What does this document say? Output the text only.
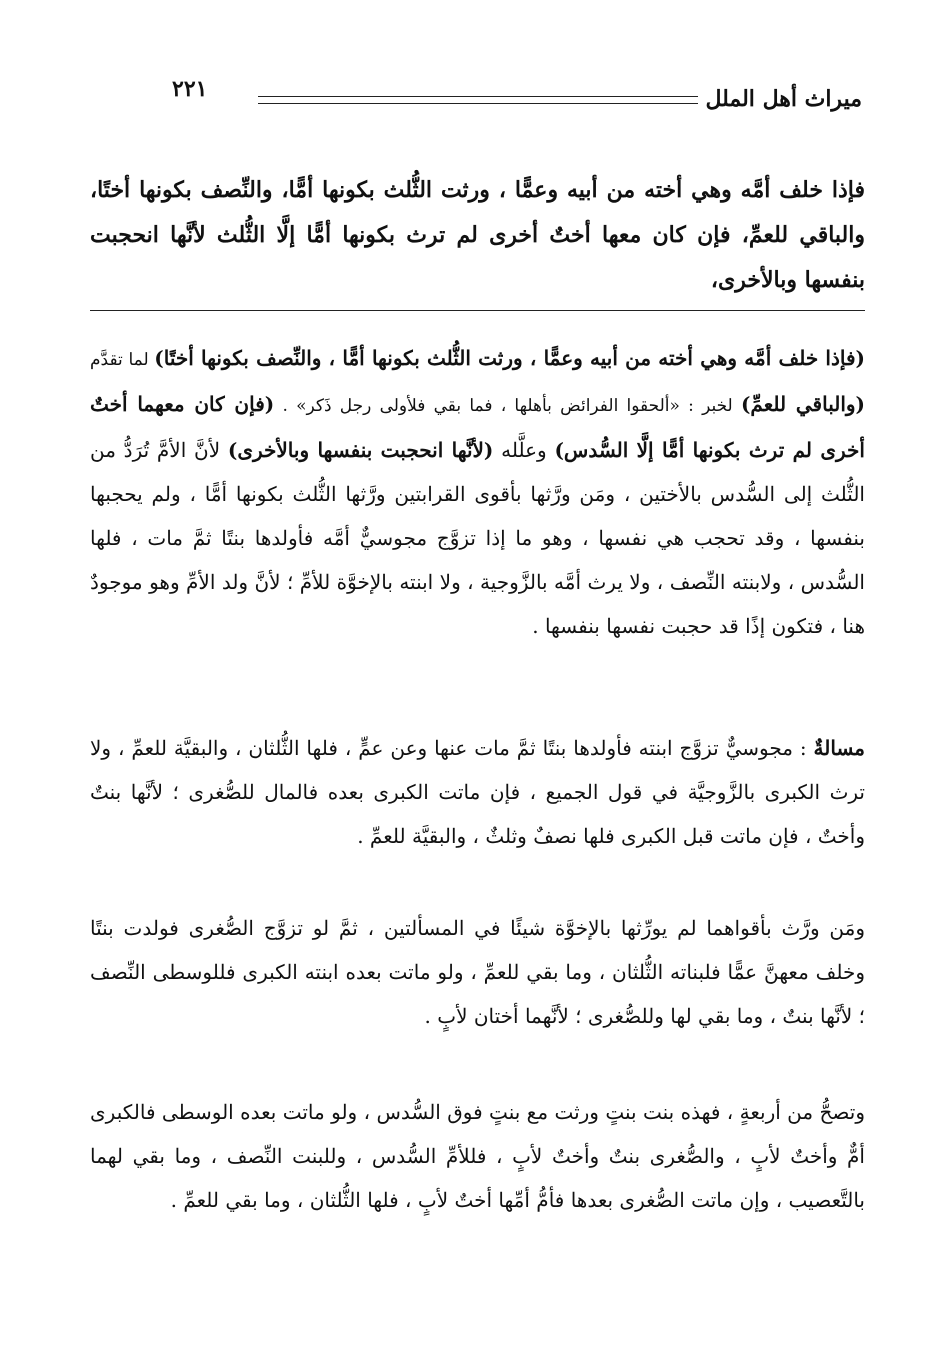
ميراث أهل الملل
٢٢١

فإذا خلف أمَّه وهي أخته من أبيه وعمًّا ، ورثت الثُّلث بكونها أمًّا، والنِّصف بكونها أختًا، والباقي للعمِّ، فإن كان معها أختٌ أخرى لم ترث بكونها أمًّا إلَّا الثُّلث لأنَّها انحجبت بنفسها وبالأخرى،

(فإذا خلف أمَّه وهي أخته من أبيه وعمًّا ، ورثت الثُّلث بكونها أمًّا ، والنِّصف بكونها أختًا) لما تقدَّم (والباقي للعمِّ) لخبر : «ألحقوا الفرائض بأهلها ، فما بقي فلأولى رجل ذَكر» . (فإن كان معهما أختٌ أخرى لم ترث بكونها أمًّا إلَّا السُّدس) وعلَّله (لأنَّها انحجبت بنفسها وبالأخرى) لأنَّ الأمَّ تُرَدُّ من الثُّلث إلى السُّدس بالأختين ، ومَن ورَّثها بأقوى القرابتين ورَّثها الثُّلث بكونها أمًّا ، ولم يحجبها بنفسها ، وقد تحجب هي نفسها ، وهو ما إذا تزوَّج مجوسيٌّ أمَّه فأولدها بنتًا ثمَّ مات ، فلها السُّدس ، ولابنته النِّصف ، ولا يرث أمَّه بالزَّوجية ، ولا ابنته بالإخوَّة للأمِّ ؛ لأنَّ ولد الأمِّ وهو موجودٌ هنا ، فتكون إذًا قد حجبت نفسها بنفسها .

مسالةٌ : مجوسيٌّ تزوَّج ابنته فأولدها بنتًا ثمَّ مات عنها وعن عمٍّ ، فلها الثُّلثان ، والبقيَّة للعمِّ ، ولا ترث الكبرى بالزَّوجيَّة في قول الجميع ، فإن ماتت الكبرى بعده فالمال للصُّغرى ؛ لأنَّها بنتٌ وأختٌ ، فإن ماتت قبل الكبرى فلها نصفٌ وثلثٌ ، والبقيَّة للعمِّ .

ومَن ورَّث بأقواهما لم يورِّثها بالإخوَّة شيئًا في المسألتين ، ثمَّ لو تزوَّج الصُّغرى فولدت بنتًا وخلف معهنَّ عمًّا فلبناته الثُّلثان ، وما بقي للعمِّ ، ولو ماتت بعده ابنته الكبرى فللوسطى النِّصف ؛ لأنَّها بنتٌ ، وما بقي لها وللصُّغرى ؛ لأنَّهما أختان لأبٍ .

وتصحُّ من أربعةٍ ، فهذه بنت بنتٍ ورثت مع بنتٍ فوق السُّدس ، ولو ماتت بعده الوسطى فالكبرى أمٌّ وأختٌ لأبٍ ، والصُّغرى بنتٌ وأختٌ لأبٍ ، فللأمِّ السُّدس ، وللبنت النِّصف ، وما بقي لهما بالتَّعصيب ، وإن ماتت الصُّغرى بعدها فأمُّ أمِّها أختٌ لأبٍ ، فلها الثُّلثان ، وما بقي للعمِّ .
